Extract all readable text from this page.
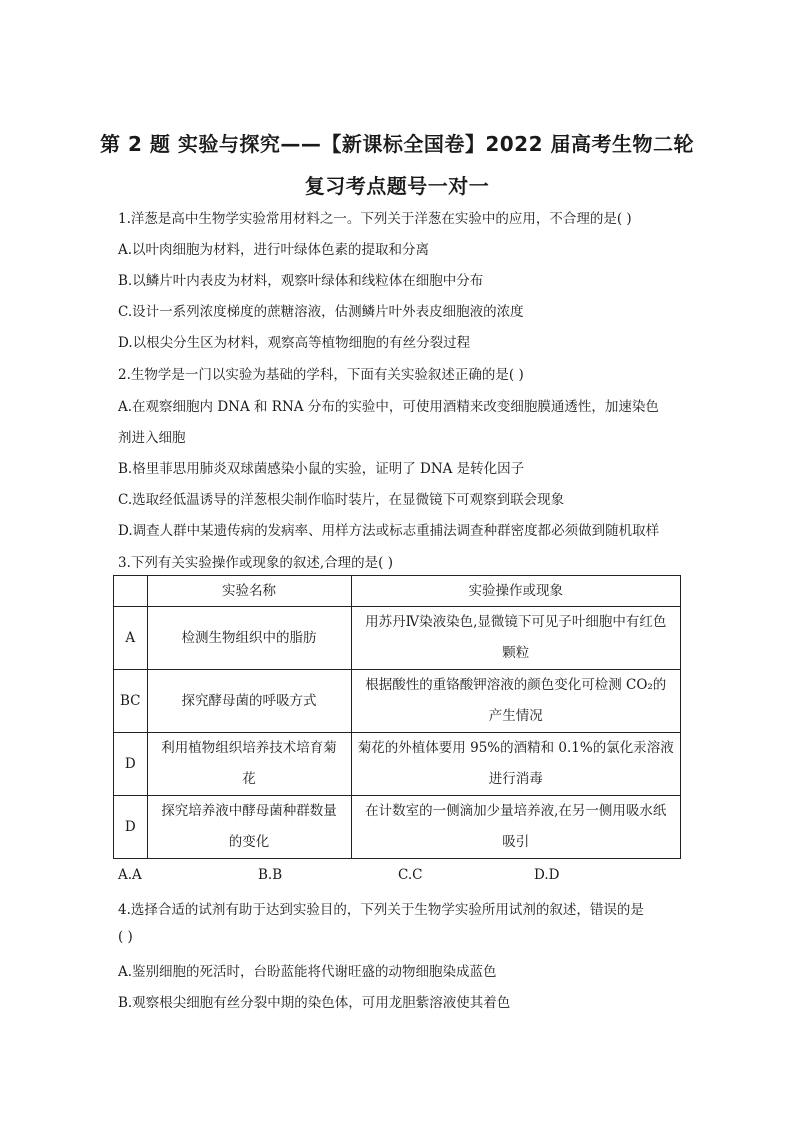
第 2 题 实验与探究——【新课标全国卷】2022 届高考生物二轮
复习考点题号一对一
1.洋葱是高中生物学实验常用材料之一。下列关于洋葱在实验中的应用，不合理的是( )
A.以叶肉细胞为材料，进行叶绿体色素的提取和分离
B.以鳞片叶内表皮为材料，观察叶绿体和线粒体在细胞中分布
C.设计一系列浓度梯度的蔗糖溶液，估测鳞片叶外表皮细胞液的浓度
D.以根尖分生区为材料，观察高等植物细胞的有丝分裂过程
2.生物学是一门以实验为基础的学科，下面有关实验叙述正确的是( )
A.在观察细胞内 DNA 和 RNA 分布的实验中，可使用酒精来改变细胞膜通透性，加速染色
剂进入细胞
B.格里菲思用肺炎双球菌感染小鼠的实验，证明了 DNA 是转化因子
C.选取经低温诱导的洋葱根尖制作临时装片，在显微镜下可观察到联会现象
D.调查人群中某遗传病的发病率、用样方法或标志重捕法调查种群密度都必须做到随机取样
3.下列有关实验操作或现象的叙述,合理的是( )
	实验名称	实验操作或现象
A	检测生物组织中的脂肪	用苏丹Ⅳ染液染色,显微镜下可见子叶细胞中有红色
颗粒
BC	探究酵母菌的呼吸方式	根据酸性的重铬酸钾溶液的颜色变化可检测 CO₂的
产生情况
D	利用植物组织培养技术培育菊
花	菊花的外植体要用 95%的酒精和 0.1%的氯化汞溶液
进行消毒
D	探究培养液中酵母菌种群数量
的变化	在计数室的一侧滴加少量培养液,在另一侧用吸水纸
吸引
A.A	B.B	C.C	D.D
4.选择合适的试剂有助于达到实验目的，下列关于生物学实验所用试剂的叙述，错误的是
( )
A.鉴别细胞的死活时，台盼蓝能将代谢旺盛的动物细胞染成蓝色
B.观察根尖细胞有丝分裂中期的染色体，可用龙胆紫溶液使其着色
